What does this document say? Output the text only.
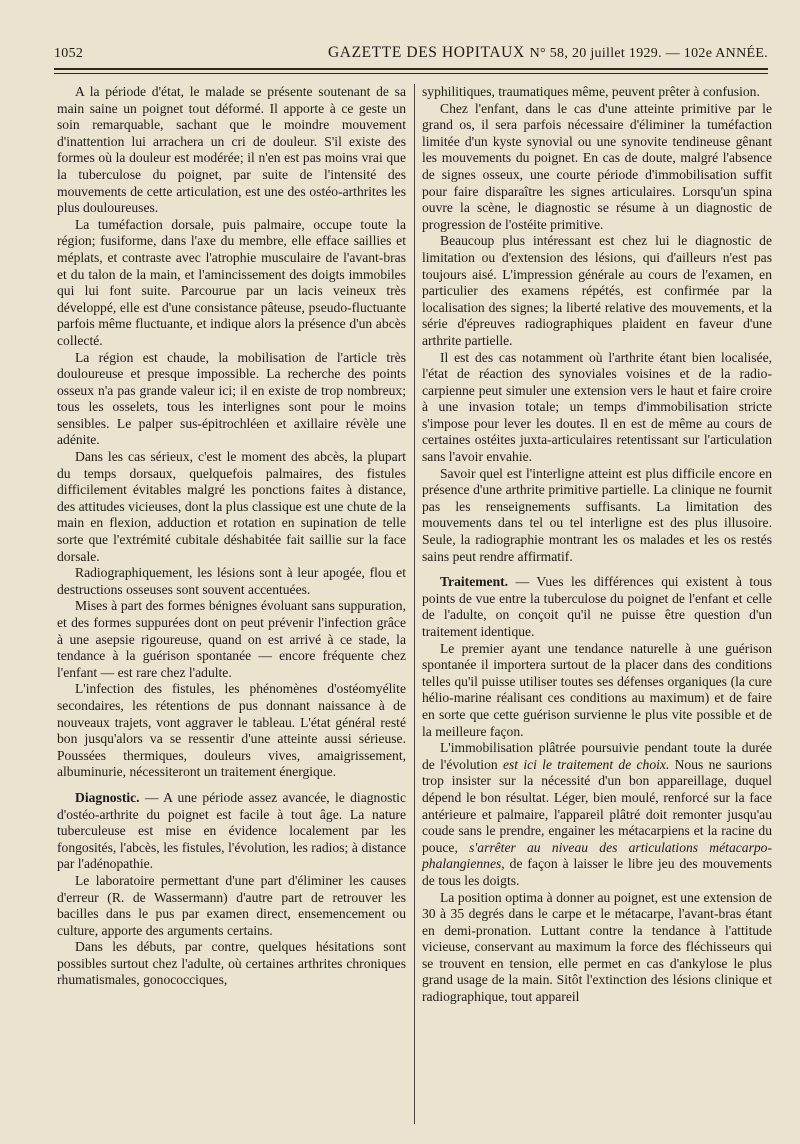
1052	GAZETTE DES HOPITAUX N° 58, 20 juillet 1929. — 102e ANNÉE.

A la période d'état, le malade se présente soutenant de sa main saine un poignet tout déformé. Il apporte à ce geste un soin remarquable, sachant que le moindre mouvement d'inattention lui arrachera un cri de douleur. S'il existe des formes où la douleur est modérée; il n'en est pas moins vrai que la tuberculose du poignet, par suite de l'intensité des mouvements de cette articulation, est une des ostéo-arthrites les plus douloureuses.

La tuméfaction dorsale, puis palmaire, occupe toute la région; fusiforme, dans l'axe du membre, elle efface saillies et méplats, et contraste avec l'atrophie musculaire de l'avant-bras et du talon de la main, et l'amincissement des doigts immobiles qui lui font suite. Parcourue par un lacis veineux très développé, elle est d'une consistance pâteuse, pseudo-fluctuante parfois même fluctuante, et indique alors la présence d'un abcès collecté.

La région est chaude, la mobilisation de l'article très douloureuse et presque impossible. La recherche des points osseux n'a pas grande valeur ici; il en existe de trop nombreux; tous les osselets, tous les interlignes sont pour le moins sensibles. Le palper sus-épitrochléen et axillaire révèle une adénite.

Dans les cas sérieux, c'est le moment des abcès, la plupart du temps dorsaux, quelquefois palmaires, des fistules difficilement évitables malgré les ponctions faites à distance, des attitudes vicieuses, dont la plus classique est une chute de la main en flexion, adduction et rotation en supination de telle sorte que l'extrémité cubitale déshabitée fait saillie sur la face dorsale.

Radiographiquement, les lésions sont à leur apogée, flou et destructions osseuses sont souvent accentuées.

Mises à part des formes bénignes évoluant sans suppuration, et des formes suppurées dont on peut prévenir l'infection grâce à une asepsie rigoureuse, quand on est arrivé à ce stade, la tendance à la guérison spontanée — encore fréquente chez l'enfant — est rare chez l'adulte.

L'infection des fistules, les phénomènes d'ostéomyélite secondaires, les rétentions de pus donnant naissance à de nouveaux trajets, vont aggraver le tableau. L'état général resté bon jusqu'alors va se ressentir d'une atteinte aussi sérieuse. Poussées thermiques, douleurs vives, amaigrissement, albuminurie, nécessiteront un traitement énergique.

Diagnostic. — A une période assez avancée, le diagnostic d'ostéo-arthrite du poignet est facile à tout âge. La nature tuberculeuse est mise en évidence localement par les fongosités, l'abcès, les fistules, l'évolution, les radios; à distance par l'adénopathie.

Le laboratoire permettant d'une part d'éliminer les causes d'erreur (R. de Wassermann) d'autre part de retrouver les bacilles dans le pus par examen direct, ensemencement ou culture, apporte des arguments certains.

Dans les débuts, par contre, quelques hésitations sont possibles surtout chez l'adulte, où certaines arthrites chroniques rhumatismales, gonococciques,

syphilitiques, traumatiques même, peuvent prêter à confusion.

Chez l'enfant, dans le cas d'une atteinte primitive par le grand os, il sera parfois nécessaire d'éliminer la tuméfaction limitée d'un kyste synovial ou une synovite tendineuse gênant les mouvements du poignet. En cas de doute, malgré l'absence de signes osseux, une courte période d'immobilisation suffit pour faire disparaître les signes articulaires. Lorsqu'un spina ouvre la scène, le diagnostic se résume à un diagnostic de progression de l'ostéite primitive.

Beaucoup plus intéressant est chez lui le diagnostic de limitation ou d'extension des lésions, qui d'ailleurs n'est pas toujours aisé. L'impression générale au cours de l'examen, en particulier des examens répétés, est confirmée par la localisation des signes; la liberté relative des mouvements, et la série d'épreuves radiographiques plaident en faveur d'une arthrite partielle.

Il est des cas notamment où l'arthrite étant bien localisée, l'état de réaction des synoviales voisines et de la radio-carpienne peut simuler une extension vers le haut et faire croire à une invasion totale; un temps d'immobilisation stricte s'impose pour lever les doutes. Il en est de même au cours de certaines ostéites juxta-articulaires retentissant sur l'articulation sans l'avoir envahie.

Savoir quel est l'interligne atteint est plus difficile encore en présence d'une arthrite primitive partielle. La clinique ne fournit pas les renseignements suffisants. La limitation des mouvements dans tel ou tel interligne est des plus illusoire. Seule, la radiographie montrant les os malades et les os restés sains peut rendre affirmatif.

Traitement. — Vues les différences qui existent à tous points de vue entre la tuberculose du poignet de l'enfant et celle de l'adulte, on conçoit qu'il ne puisse être question d'un traitement identique.

Le premier ayant une tendance naturelle à une guérison spontanée il importera surtout de la placer dans des conditions telles qu'il puisse utiliser toutes ses défenses organiques (la cure hélio-marine réalisant ces conditions au maximum) et de faire en sorte que cette guérison survienne le plus vite possible et de la meilleure façon.

L'immobilisation plâtrée poursuivie pendant toute la durée de l'évolution est ici le traitement de choix. Nous ne saurions trop insister sur la nécessité d'un bon appareillage, duquel dépend le bon résultat. Léger, bien moulé, renforcé sur la face antérieure et palmaire, l'appareil plâtré doit remonter jusqu'au coude sans le prendre, engainer les métacarpiens et la racine du pouce, s'arrêter au niveau des articulations métacarpo-phalangiennes, de façon à laisser le libre jeu des mouvements de tous les doigts.

La position optima à donner au poignet, est une extension de 30 à 35 degrés dans le carpe et le métacarpe, l'avant-bras étant en demi-pronation. Luttant contre la tendance à l'attitude vicieuse, conservant au maximum la force des fléchisseurs qui se trouvent en tension, elle permet en cas d'ankylose le plus grand usage de la main. Sitôt l'extinction des lésions clinique et radiographique, tout appareil
